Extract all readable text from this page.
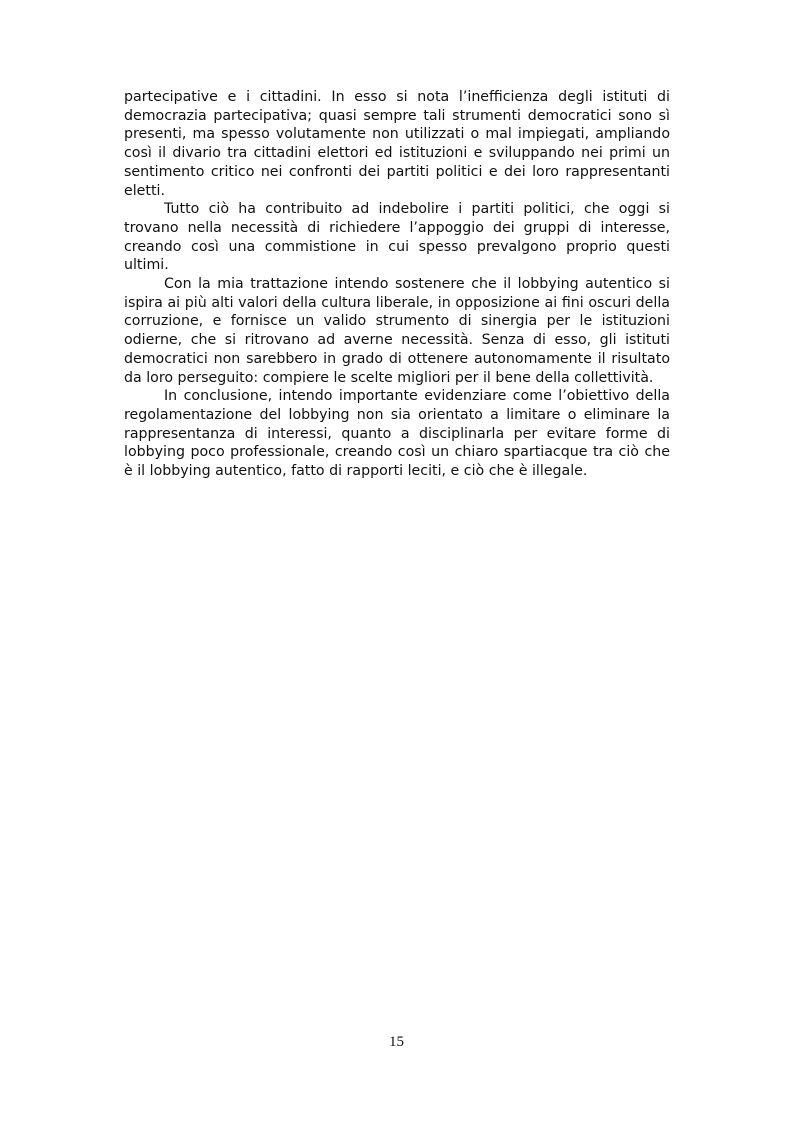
partecipative e i cittadini. In esso si nota l’inefficienza degli istituti di democrazia partecipativa; quasi sempre tali strumenti democratici sono sì presenti, ma spesso volutamente non utilizzati o mal impiegati, ampliando così il divario tra cittadini elettori ed istituzioni e sviluppando nei primi un sentimento critico nei confronti dei partiti politici e dei loro rappresentanti eletti.

Tutto ciò ha contribuito ad indebolire i partiti politici, che oggi si trovano nella necessità di richiedere l’appoggio dei gruppi di interesse, creando così una commistione in cui spesso prevalgono proprio questi ultimi.

Con la mia trattazione intendo sostenere che il lobbying autentico si ispira ai più alti valori della cultura liberale, in opposizione ai fini oscuri della corruzione, e fornisce un valido strumento di sinergia per le istituzioni odierne, che si ritrovano ad averne necessità. Senza di esso, gli istituti democratici non sarebbero in grado di ottenere autonomamente il risultato da loro perseguito: compiere le scelte migliori per il bene della collettività.

In conclusione, intendo importante evidenziare come l’obiettivo della regolamentazione del lobbying non sia orientato a limitare o eliminare la rappresentanza di interessi, quanto a disciplinarla per evitare forme di lobbying poco professionale, creando così un chiaro spartiacque tra ciò che è il lobbying autentico, fatto di rapporti leciti, e ciò che è illegale.

15
